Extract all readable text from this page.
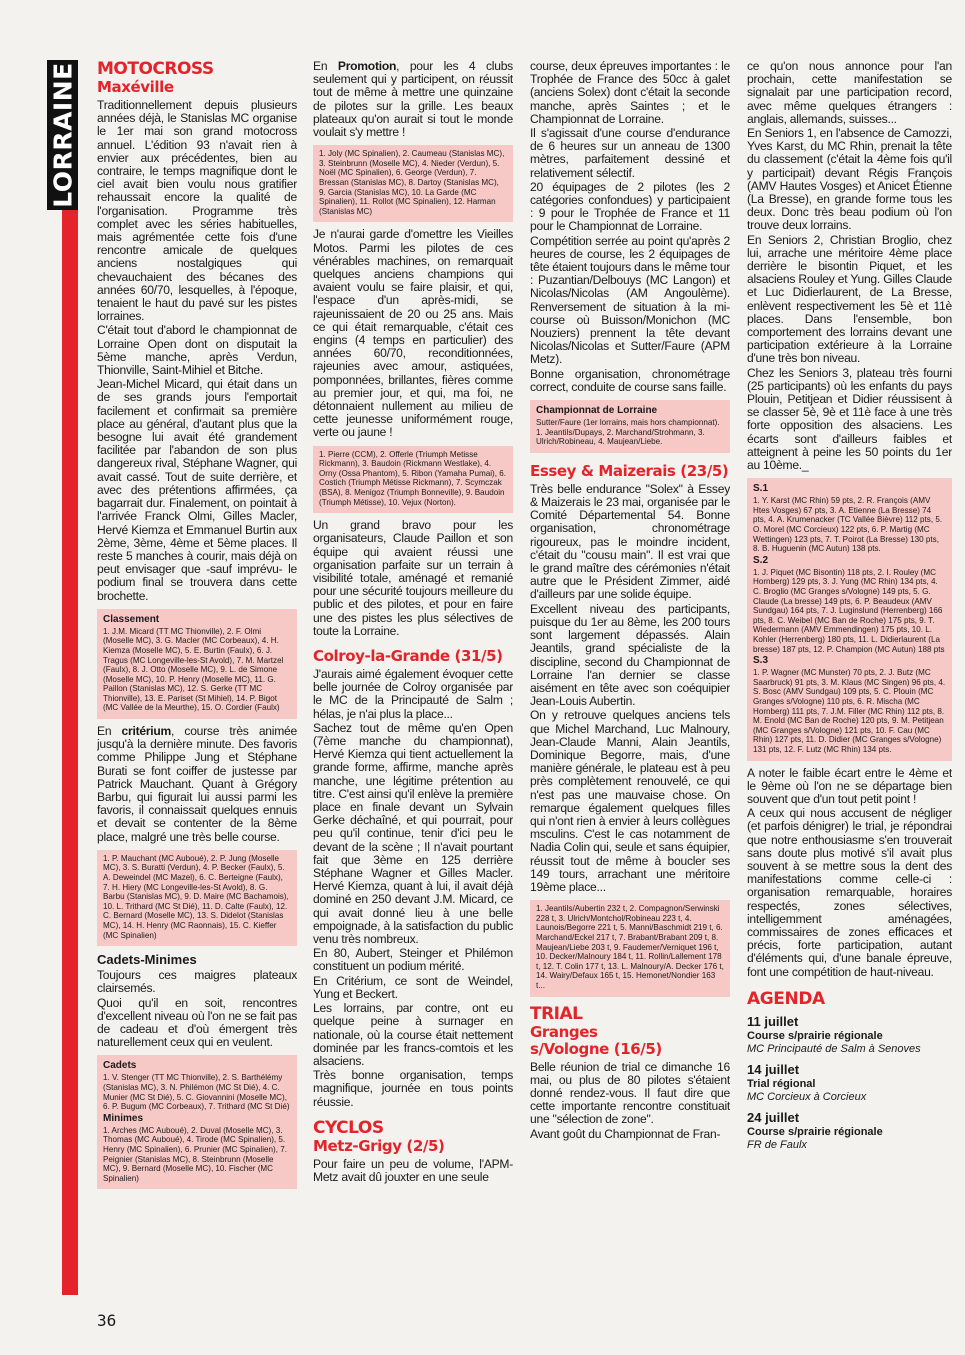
LORRAINE MOTOCROSS
Maxéville

Traditionnellement depuis plusieurs années déjà, le Stanislas MC organise le 1er mai son grand motocross annuel. L'édition 93 n'avait rien à envier aux précédentes, bien au contraire, le temps magnifique dont le ciel avait bien voulu nous gratifier rehaussait encore la qualité de l'organisation. Programme très complet avec les séries habituelles, mais agrémentée cette fois d'une rencontre amicale de quelques anciens nostalgiques qui chevauchaient des bécanes des années 60/70, lesquelles, à l'époque, tenaient le haut du pavé sur les pistes lorraines.

C'était tout d'abord le championnat de Lorraine Open dont on disputait la 5ème manche, après Verdun, Thionville, Saint-Mihiel et Bitche.

Jean-Michel Micard, qui était dans un de ses grands jours l'emportait facilement et confirmait sa première place au général, d'autant plus que la besogne lui avait été grandement facilitée par l'abandon de son plus dangereux rival, Stéphane Wagner, qui avait cassé. Tout de suite derrière, et avec des prétentions affirmées, ça bagarrait dur. Finalement, on pointait à l'arrivée Franck Olmi, Gilles Macler, Hervé Kiemza et Emmanuel Burtin aux 2ème, 3ème, 4ème et 5ème places. Il reste 5 manches à courir, mais déjà on peut envisager que -sauf imprévu- le podium final se trouvera dans cette brochette.

Classement

1. J.M. Micard (TT MC Thionville), 2. F. Olmi (Moselle MC), 3. G. Macler (MC Corbeaux), 4. H. Kiemza (Moselle MC), 5. E. Burtin (Faulx), 6. J. Tragus (MC Longeville-les-St Avold), 7. M. Martzel (Faulx), 8. J. Otto (Moselle MC), 9. L. de Simone (Moselle MC), 10. P. Henry (Moselle MC), 11. G. Paillon (Stanislas MC), 12. S. Gerke (TT MC Thionville), 13. E. Pariset (St Mihiel), 14. P. Bigot (MC Vallée de la Meurthe), 15. O. Cordier (Faulx)

En critérium, course très animée jusqu'à la dernière minute. Des favoris comme Philippe Jung et Stéphane Burati se font coiffer de justesse par Patrick Mauchant. Quant à Grégory Barbu, qui figurait lui aussi parmi les favoris, il connaissait quelques ennuis et devait se contenter de la 8ème place, malgré une très belle course.

1. P. Mauchant (MC Auboué), 2. P. Jung (Moselle MC), 3. S. Buratti (Verdun), 4. P. Becker (Faulx), 5. A. Deweindel (MC Mazel), 6. C. Berteigne (Faulx), 7. H. Hiery (MC Longeville-les-St Avold), 8. G. Barbu (Stanislas MC), 9. D. Maire (MC Bachamois), 10. L. Trithard (MC St Dié), 11. D. Calte (Faulx), 12. C. Bernard (Moselle MC), 13. S. Didelot (Stanislas MC), 14. H. Henry (MC Raonnais), 15. C. Kieffer (MC Spinalien)

Cadets-Minimes

Toujours ces maigres plateaux clairsemés.

Quoi qu'il en soit, rencontres d'excellent niveau où l'on ne se fait pas de cadeau et d'où émergent très naturellement ceux qui en veulent.

Cadets

1. V. Stenger (TT MC Thionville), 2. S. Barthélémy (Stanislas MC), 3. N. Philémon (MC St Dié), 4. C. Munier (MC St Dié), 5. C. Giovannini (Moselle MC), 6. P. Bugum (MC Corbeaux), 7. Trithard (MC St Dié)

Minimes

1. Arches (MC Auboué), 2. Duval (Moselle MC), 3. Thomas (MC Auboué), 4. Tirode (MC Spinalien), 5. Henry (MC Spinalien), 6. Prunier (MC Spinalien), 7. Peignier (Stanislas MC), 8. Steinbrunn (Moselle MC), 9. Bernard (Moselle MC), 10. Fischer (MC Spinalien)

En Promotion, pour les 4 clubs seulement qui y participent, on réussit tout de même à mettre une quinzaine de pilotes sur la grille. Les beaux plateaux qu'on aurait si tout le monde voulait s'y mettre !

1. Joly (MC Spinalien), 2. Caumeau (Stanislas MC), 3. Steinbrunn (Moselle MC), 4. Nieder (Verdun), 5. Noël (MC Spinalien), 6. George (Verdun), 7. Bressan (Stanislas MC), 8. Dartoy (Stanislas MC), 9. Garcia (Stanislas MC), 10. La Garde (MC Spinalien), 11. Rollot (MC Spinalien), 12. Harman (Stanislas MC)

Je n'aurai garde d'omettre les Vieilles Motos. Parmi les pilotes de ces vénérables machines, on remarquait quelques anciens champions qui avaient voulu se faire plaisir, et qui, l'espace d'un après-midi, se rajeunissaient de 20 ou 25 ans. Mais ce qui était remarquable, c'était ces engins (4 temps en particulier) des années 60/70, reconditionnées, rajeunies avec amour, astiquées, pomponnées, brillantes, fières comme au premier jour, et qui, ma foi, ne détonnaient nullement au milieu de cette jeunesse uniformément rouge, verte ou jaune !

1. Pierre (CCM), 2. Offerle (Triumph Metisse Rickmann), 3. Baudoin (Rickmann Westlake), 4. Orny (Ossa Phantom), 5. Ribon (Yamaha Pumai), 6. Costich (Triumph Métisse Rickmann), 7. Scymczak (BSA), 8. Menigoz (Triumph Bonneville), 9. Baudoin (Triumph Métisse), 10. Vejux (Norton).

Un grand bravo pour les organisateurs, Claude Paillon et son équipe qui avaient réussi une organisation parfaite sur un terrain à visibilité totale, aménagé et remanié pour une sécurité toujours meilleure du public et des pilotes, et pour en faire une des pistes les plus sélectives de toute la Lorraine.

Colroy-la-Grande (31/5)

J'aurais aimé également évoquer cette belle journée de Colroy organisée par le MC de la Principauté de Salm ; hélas, je n'ai plus la place...

Sachez tout de même qu'en Open (7ème manche du championnat), Hervé Kiemza qui tient actuellement la grande forme, affirme, manche après manche, une légitime prétention au titre. C'est ainsi qu'il enlève la première place en finale devant un Sylvain Gerke déchaîné, et qui pourrait, pour peu qu'il continue, tenir d'ici peu le devant de la scène ; Il n'avait pourtant fait que 3ème en 125 derrière Stéphane Wagner et Gilles Macler. Hervé Kiemza, quant à lui, il avait déjà dominé en 250 devant J.M. Micard, ce qui avait donné lieu à une belle empoignade, à la satisfaction du public venu très nombreux.

En 80, Aubert, Steinger et Philémon constituent un podium mérité.

En Critérium, ce sont de Weindel, Yung et Beckert.

Les lorrains, par contre, ont eu quelque peine à surnager en nationale, où la course était nettement dominée par les francs-comtois et les alsaciens.

Très bonne organisation, temps magnifique, journée en tous points réussie.

CYCLOS
Metz-Grigy (2/5)

Pour faire un peu de volume, l'APM-Metz avait dû jouxter en une seule

course, deux épreuves importantes : le Trophée de France des 50cc à galet (anciens Solex) dont c'était la seconde manche, après Saintes ; et le Championnat de Lorraine.

Il s'agissait d'une course d'endurance de 6 heures sur un anneau de 1300 mètres, parfaitement dessiné et relativement sélectif.

20 équipages de 2 pilotes (les 2 catégories confondues) y participaient : 9 pour le Trophée de France et 11 pour le Championnat de Lorraine.

Compétition serrée au point qu'après 2 heures de course, les 2 équipages de tête étaient toujours dans le même tour : Puzantian/Delbouys (MC Langon) et Nicolas/Nicolas (AM Angoulème). Renversement de situation à la mi-course où Buisson/Monichon (MC Nouziers) prennent la tête devant Nicolas/Nicolas et Sutter/Faure (APM Metz).

Bonne organisation, chronométrage correct, conduite de course sans faille.

Championnat de Lorraine

Sutter/Faure (1er lorrains, mais hors championnat). 1. Jeantils/Dupays, 2. Marchand/Strohmann, 3. Ulrich/Robineau, 4. Maujean/Liebe.

Essey & Maizerais (23/5)

Très belle endurance "Solex" à Essey & Maizerais le 23 mai, organisée par le Comité Départemental 54. Bonne organisation, chronométrage rigoureux, pas le moindre incident, c'était du "cousu main". Il est vrai que le grand maître des cérémonies n'était autre que le Président Zimmer, aidé d'ailleurs par une solide équipe.

Excellent niveau des participants, puisque du 1er au 8ème, les 200 tours sont largement dépassés. Alain Jeantils, grand spécialiste de la discipline, second du Championnat de Lorraine l'an dernier se classe aisément en tête avec son coéquipier Jean-Louis Aubertin.

On y retrouve quelques anciens tels que Michel Marchand, Luc Malnoury, Jean-Claude Manni, Alain Jeantils, Dominique Begorre, mais, d'une manière générale, le plateau est à peu près complètement renouvelé, ce qui n'est pas une mauvaise chose. On remarque également quelques filles qui n'ont rien à envier à leurs collègues msculins. C'est le cas notamment de Nadia Colin qui, seule et sans équipier, réussit tout de même à boucler ses 149 tours, arrachant une méritoire 19ème place...

1. Jeantils/Aubertin 232 t, 2. Compagnon/Serwinski 228 t, 3. Ulrich/Montchol/Robineau 223 t, 4. Launois/Begorre 221 t, 5. Manni/Baschmidt 219 t, 6. Marchand/Eckel 217 t, 7. Brabant/Brabant 209 t, 8. Maujean/Liebe 203 t, 9. Faudemer/Verniquet 196 t, 10. Decker/Malnoury 184 t, 11. Rollin/Lallement 178 t, 12. T. Colin 177 t, 13. L. Malnoury/A. Decker 176 t, 14. Wairy/Defaux 165 t, 15. Hemonet/Nondier 163 t...

TRIAL
Granges
s/Vologne (16/5)

Belle réunion de trial ce dimanche 16 mai, ou plus de 80 pilotes s'étaient donné rendez-vous. Il faut dire que cette importante rencontre constituait une "sélection de zone".

Avant goût du Championnat de Fran-

ce qu'on nous annonce pour l'an prochain, cette manifestation se signalait par une participation record, avec même quelques étrangers : anglais, allemands, suisses...

En Seniors 1, en l'absence de Camozzi, Yves Karst, du MC Rhin, prenait la tête du classement (c'était la 4ème fois qu'il y participait) devant Régis François (AMV Hautes Vosges) et Anicet Étienne (La Bresse), en grande forme tous les deux. Donc très beau podium où l'on trouve deux lorrains.

En Seniors 2, Christian Broglio, chez lui, arrache une méritoire 4ème place derrière le bisontin Piquet, et les alsaciens Rouley et Yung. Gilles Claude et Luc Didierlaurent, de La Bresse, enlèvent respectivement les 5è et 11è places. Dans l'ensemble, bon comportement des lorrains devant une participation extérieure à la Lorraine d'une très bon niveau.

Chez les Seniors 3, plateau très fourni (25 participants) où les enfants du pays Plouin, Petitjean et Didier réussisent à se classer 5è, 9è et 11è face à une très forte opposition des alsaciens. Les écarts sont d'ailleurs faibles et atteignent à peine les 50 points du 1er au 10ème._

S.1

1. Y. Karst (MC Rhin) 59 pts, 2. R. François (AMV Htes Vosges) 67 pts, 3. A. Etienne (La Bresse) 74 pts, 4. A. Krumenacker (TC Vallée Bièvre) 112 pts, 5. O. Morel (MC Corcieux) 122 pts, 6. P. Martig (MC Wettingen) 123 pts, 7. T. Poirot (La Bresse) 130 pts, 8. B. Huguenin (MC Autun) 138 pts.

S.2

1. J. Piquet (MC Bisontin) 118 pts, 2. I. Rouley (MC Hornberg) 129 pts, 3. J. Yung (MC Rhin) 134 pts, 4. C. Broglio (MC Granges s/Vologne) 149 pts, 5. G. Claude (La bresse) 149 pts, 6. P. Beaudeux (AMV Sundgau) 164 pts, 7. J. Luginslund (Herrenberg) 166 pts, 8. C. Weibel (MC Ban de Roche) 175 pts, 9. T. Wiedermann (AMV Emmendingen) 175 pts, 10. L. Kohler (Herrenberg) 180 pts, 11. L. Didierlaurent (La bresse) 187 pts, 12. P. Champion (MC Autun) 188 pts

S.3

1. P. Wagner (MC Munster) 70 pts, 2. J. Butz (MC Saarbruck) 91 pts, 3. M. Klaus (MC Singen) 96 pts, 4. S. Bosc (AMV Sundgau) 109 pts, 5. C. Plouin (MC Granges s/Vologne) 110 pts, 6. R. Mischa (MC Hornberg) 111 pts, 7. J.M. Filler (MC Rhin) 112 pts, 8. M. Enold (MC Ban de Roche) 120 pts, 9. M. Petitjean (MC Granges s/Vologne) 121 pts, 10. F. Cau (MC Rhin) 127 pts, 11. D. Didier (MC Granges s/Vologne) 131 pts, 12. F. Lutz (MC Rhin) 134 pts.

A noter le faible écart entre le 4ème et le 9ème où l'on ne se départage bien souvent que d'un tout petit point !

A ceux qui nous accusent de négliger (et parfois dénigrer) le trial, je répondrai que notre enthousiasme s'en trouverait sans doute plus motivé s'il avait plus souvent à se mettre sous la dent des manifestations comme celle-ci : organisation remarquable, horaires respectés, zones sélectives, intelligemment aménagées, commissaires de zones efficaces et précis, forte participation, autant d'éléments qui, d'une banale épreuve, font une compétition de haut-niveau.

AGENDA
11 juillet
Course s/prairie régionale
MC Principauté de Salm à Senoves
14 juillet
Trial régional
MC Corcieux à Corcieux
24 juillet
Course s/prairie régionale
FR de Faulx
36
